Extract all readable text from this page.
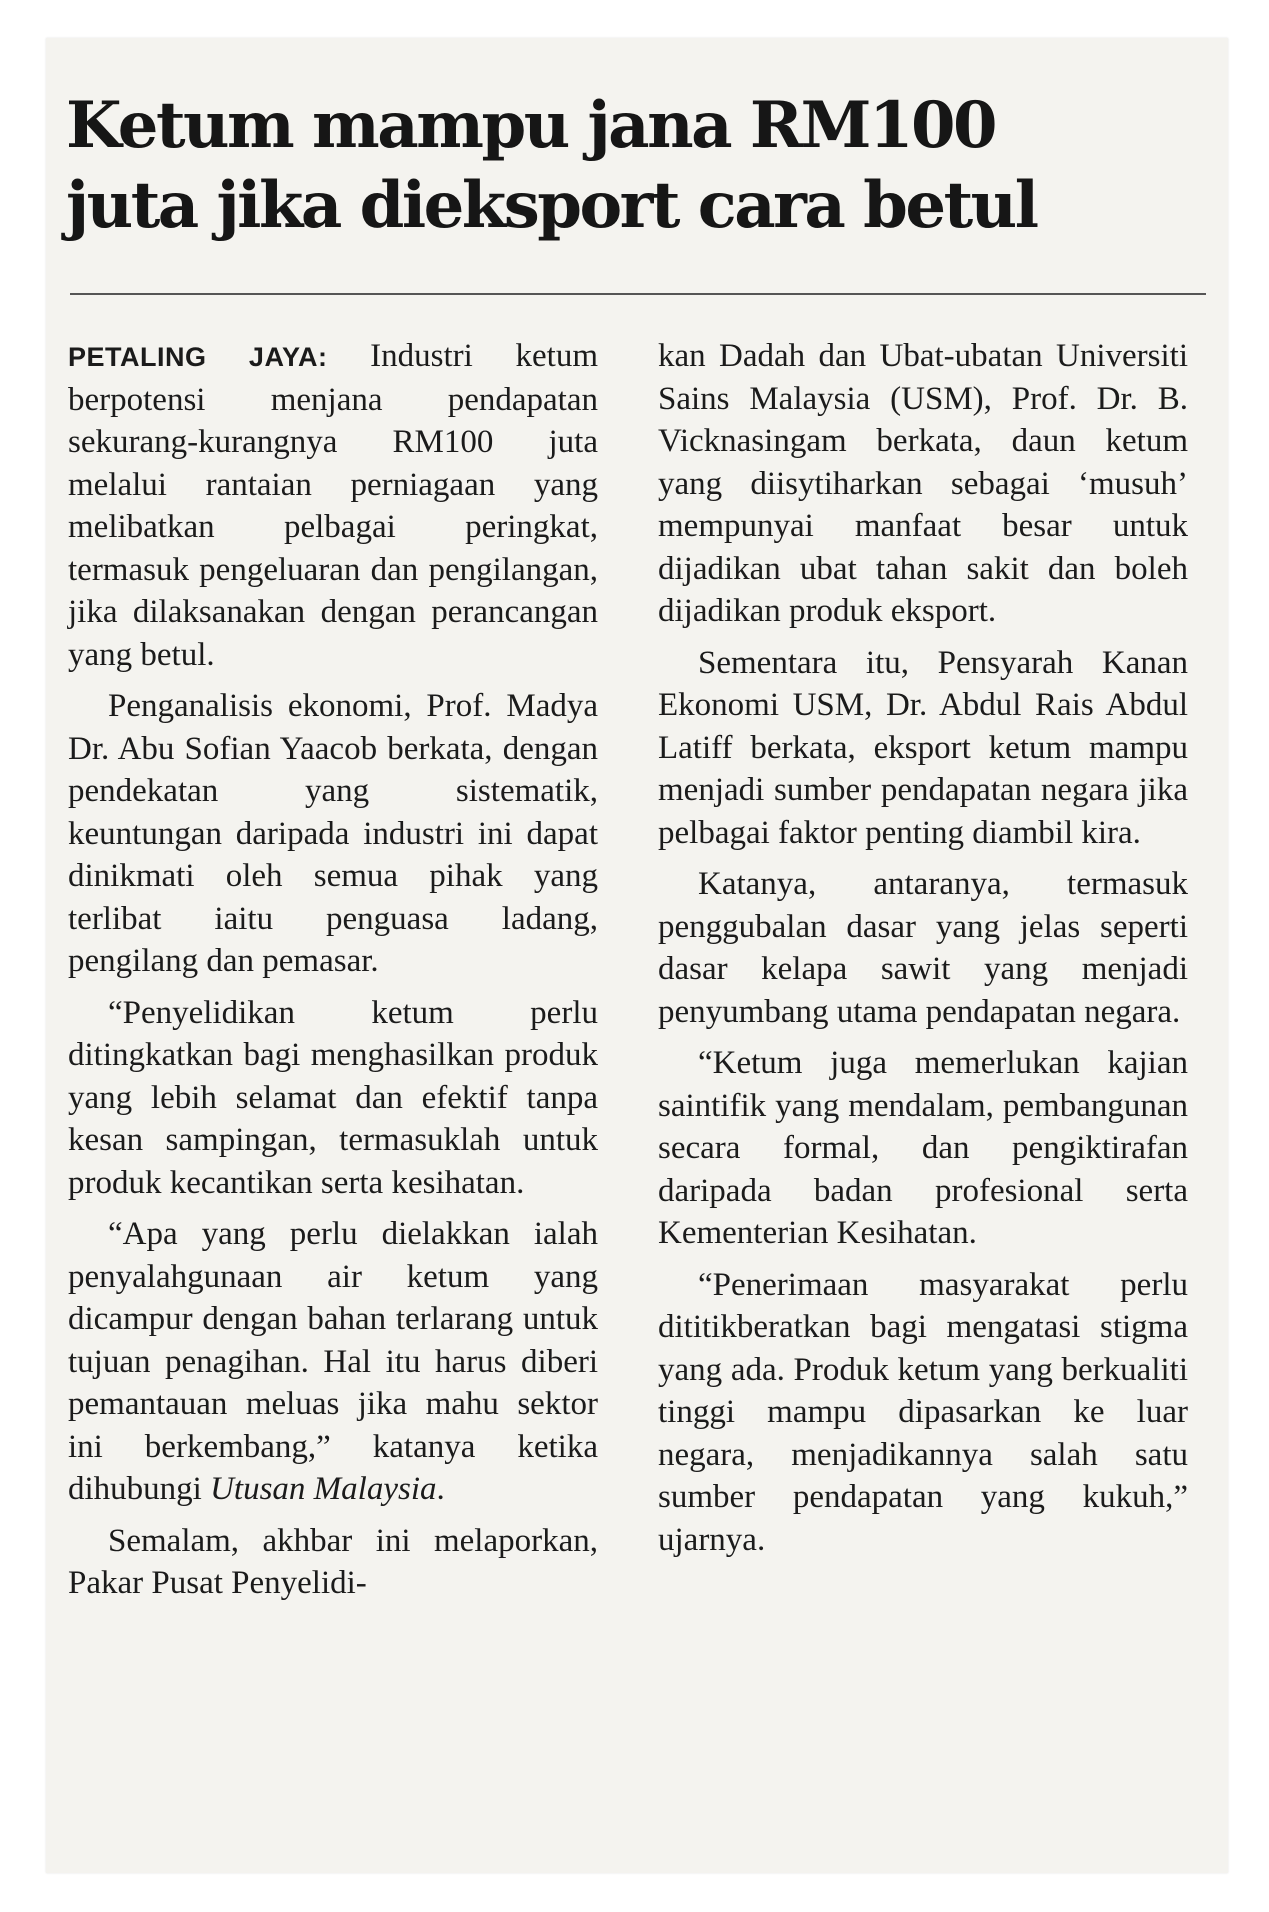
Ketum mampu jana RM100
juta jika dieksport cara betul

PETALING JAYA: Industri ketum berpotensi menjana pendapatan sekurang-kurangnya RM100 juta melalui rantaian perniagaan yang melibatkan pelbagai peringkat, termasuk pengeluaran dan pengilangan, jika dilaksanakan dengan perancangan yang betul.

Penganalisis ekonomi, Prof. Madya Dr. Abu Sofian Yaacob berkata, dengan pendekatan yang sistematik, keuntungan daripada industri ini dapat dinikmati oleh semua pihak yang terlibat iaitu penguasa ladang, pengilang dan pemasar.

“Penyelidikan ketum perlu ditingkatkan bagi menghasilkan produk yang lebih selamat dan efektif tanpa kesan sampingan, termasuklah untuk produk kecantikan serta kesihatan.

“Apa yang perlu dielakkan ialah penyalahgunaan air ketum yang dicampur dengan bahan terlarang untuk tujuan penagihan. Hal itu harus diberi pemantauan meluas jika mahu sektor ini berkembang,” katanya ketika dihubungi Utusan Malaysia.

Semalam, akhbar ini melaporkan, Pakar Pusat Penyelidi-

kan Dadah dan Ubat-ubatan Universiti Sains Malaysia (USM), Prof. Dr. B. Vicknasingam berkata, daun ketum yang diisytiharkan sebagai ‘musuh’ mempunyai manfaat besar untuk dijadikan ubat tahan sakit dan boleh dijadikan produk eksport.

Sementara itu, Pensyarah Kanan Ekonomi USM, Dr. Abdul Rais Abdul Latiff berkata, eksport ketum mampu menjadi sumber pendapatan negara jika pelbagai faktor penting diambil kira.

Katanya, antaranya, termasuk penggubalan dasar yang jelas seperti dasar kelapa sawit yang menjadi penyumbang utama pendapatan negara.

“Ketum juga memerlukan kajian saintifik yang mendalam, pembangunan secara formal, dan pengiktirafan daripada badan profesional serta Kementerian Kesihatan.

“Penerimaan masyarakat perlu dititikberatkan bagi mengatasi stigma yang ada. Produk ketum yang berkualiti tinggi mampu dipasarkan ke luar negara, menjadikannya salah satu sumber pendapatan yang kukuh,” ujarnya.
